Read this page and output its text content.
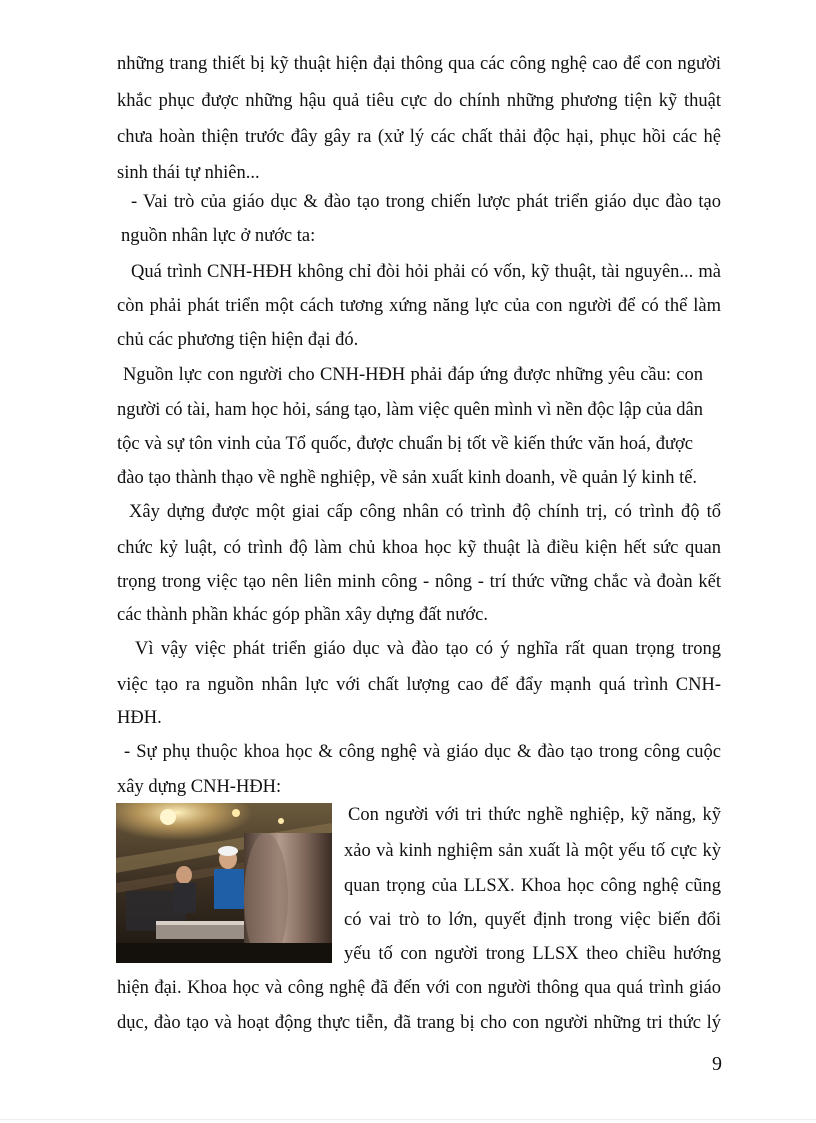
những trang thiết bị kỹ thuật hiện đại thông qua các công nghệ cao để con người
khắc phục được những hậu quả tiêu cực do chính những phương tiện kỹ thuật
chưa hoàn thiện trước đây gây ra (xử lý các chất thải độc hại, phục hồi các hệ
sinh thái tự nhiên...
- Vai trò của giáo dục & đào tạo trong chiến lược phát triển giáo dục đào tạo
nguồn nhân lực ở nước ta:
Quá trình CNH-HĐH không chỉ đòi hỏi phải có vốn, kỹ thuật, tài nguyên... mà
còn phải phát triển một cách tương xứng năng lực của con người để có thể làm
chủ các phương tiện hiện đại đó.
Nguồn lực con người cho CNH-HĐH phải đáp ứng được những yêu cầu: con
người có tài, ham học hỏi, sáng tạo, làm việc quên mình vì nền độc lập của dân
tộc và sự tôn vinh của Tổ quốc, được chuẩn bị tốt về kiến thức văn hoá, được
đào tạo thành thạo về nghề nghiệp, về sản xuất kinh doanh, về quản lý kinh tế.
Xây dựng được một giai cấp công nhân có trình độ chính trị, có trình độ tổ
chức kỷ luật, có trình độ làm chủ khoa học kỹ thuật là điều kiện hết sức quan
trọng trong việc tạo nên liên minh công - nông - trí thức vững chắc và đoàn kết
các thành phần khác góp phần xây dựng đất nước.
Vì vậy việc phát triển giáo dục và đào tạo có ý nghĩa rất quan trọng trong
việc tạo ra nguồn nhân lực với chất lượng cao để đẩy mạnh quá trình CNH-
HĐH.
- Sự phụ thuộc khoa học & công nghệ và giáo dục & đào tạo trong công cuộc
xây dựng CNH-HĐH:
Con người với tri thức nghề nghiệp, kỹ năng, kỹ
xảo và kinh nghiệm sản xuất là một yếu tố cực kỳ
quan trọng của LLSX. Khoa học công nghệ cũng
có vai trò to lớn, quyết định trong việc biến đổi
yếu tố con người trong LLSX theo chiều hướng
hiện đại. Khoa học và công nghệ đã đến với con người thông qua quá trình giáo
dục, đào tạo và hoạt động thực tiễn, đã trang bị cho con người những tri thức lý
9
